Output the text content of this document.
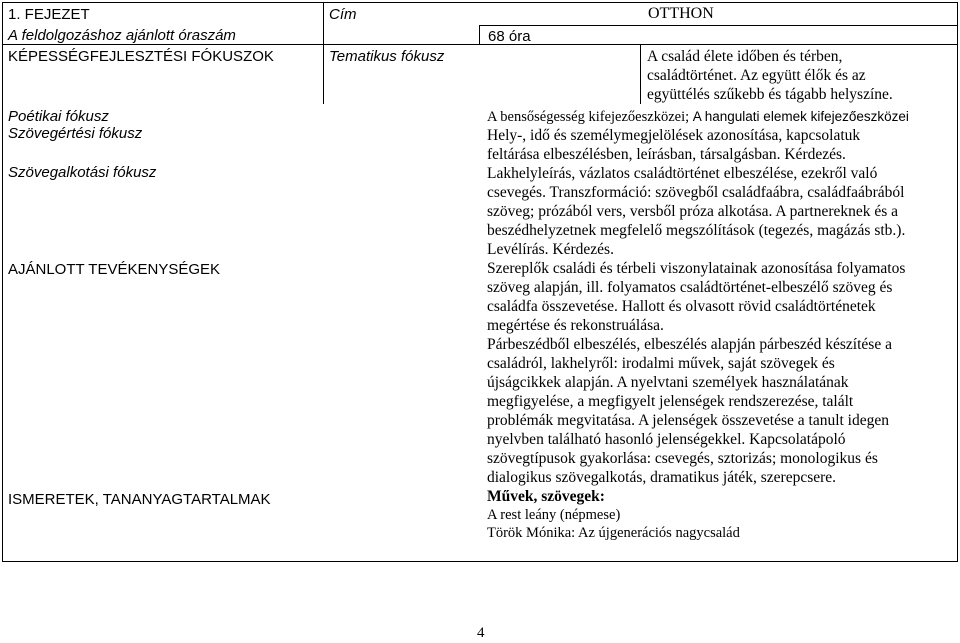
1. FEJEZET
A feldolgozáshoz ajánlott óraszám
KÉPESSÉGFEJLESZTÉSI FÓKUSZOK
Poétikai fókusz
Szövegértési fókusz
Szövegalkotási fókusz
AJÁNLOTT TEVÉKENYSÉGEK
ISMERETEK, TANANYAGTARTALMAK
Cím
68 óra
Tematikus fókusz
OTTHON
A család élete időben és térben,
családtörténet. Az együtt élők és az
együttélés szűkebb és tágabb helyszíne.
A bensőségesség kifejezőeszközei; A hangulati elemek kifejezőeszközei
Hely-, idő és személymegjelölések azonosítása, kapcsolatuk
feltárása elbeszélésben, leírásban, társalgásban. Kérdezés.
Lakhelyleírás, vázlatos családtörténet elbeszélése, ezekről való
csevegés. Transzformáció: szövegből családfaábra, családfaábrából
szöveg; prózából vers, versből próza alkotása. A partnereknek és a
beszédhelyzetnek megfelelő megszólítások (tegezés, magázás stb.).
Levélírás. Kérdezés.
Szereplők családi és térbeli viszonylatainak azonosítása folyamatos
szöveg alapján, ill. folyamatos családtörténet-elbeszélő szöveg és
családfa összevetése. Hallott és olvasott rövid családtörténetek
megértése és rekonstruálása.
Párbeszédből elbeszélés, elbeszélés alapján párbeszéd készítése a
családról, lakhelyről: irodalmi művek, saját szövegek és
újságcikkek alapján. A nyelvtani személyek használatának
megfigyelése, a megfigyelt jelenségek rendszerezése, talált
problémák megvitatása. A jelenségek összevetése a tanult idegen
nyelvben található hasonló jelenségekkel. Kapcsolatápoló
szövegtípusok gyakorlása: csevegés, sztorizás; monologikus és
dialogikus szövegalkotás, dramatikus játék, szerepcsere.
Művek, szövegek:
A rest leány (népmese)
Török Mónika: Az újgenerációs nagycsalád
4
